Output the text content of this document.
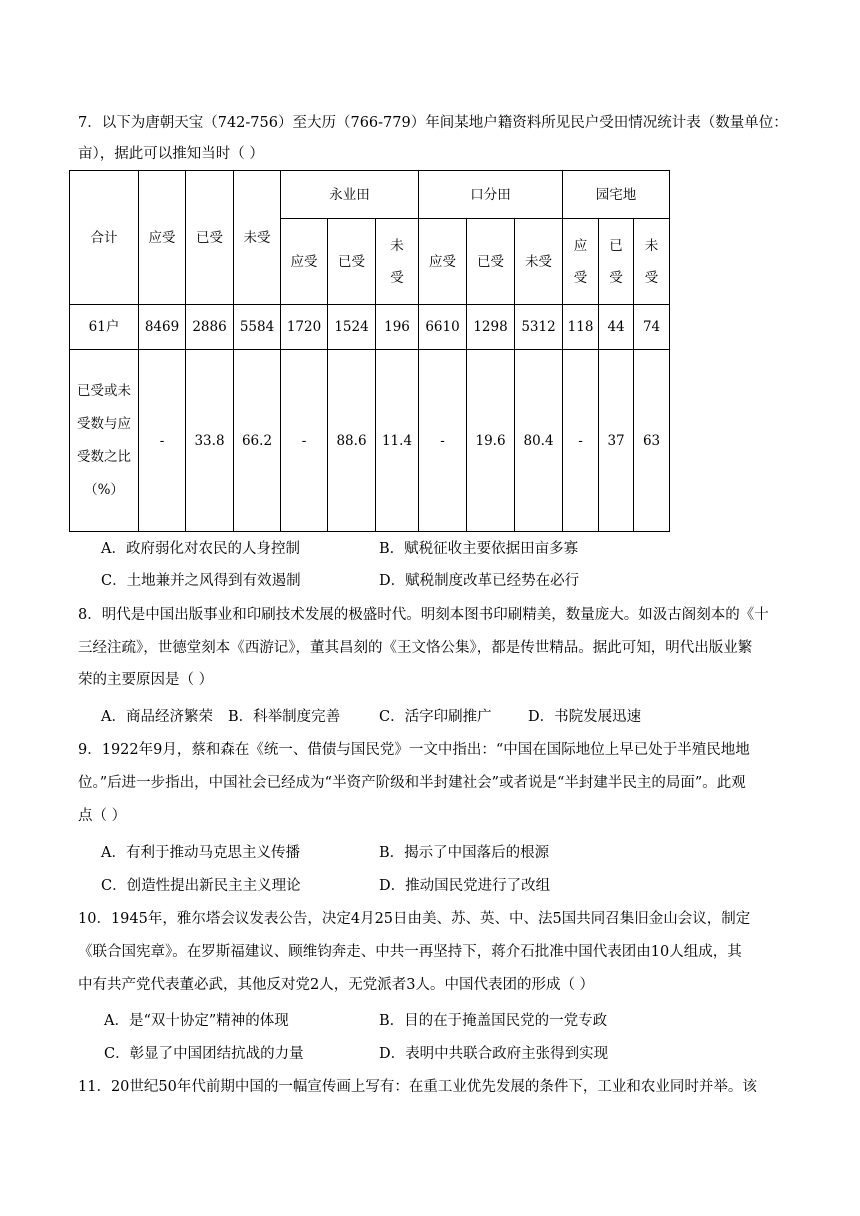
7．以下为唐朝天宝（742-756）至大历（766-779）年间某地户籍资料所见民户受田情况统计表（数量单位：
亩），据此可以推知当时（ ）
合计	应受	已受	未受	永业田			口分田			园宅地		
				应受	已受	未受	应受	已受	未受	应受	已受	未受
61户	8469	2886	5584	1720	1524	196	6610	1298	5312	118	44	74
已受或未受数与应受数之比（%）	-	33.8	66.2	-	88.6	11.4	-	19.6	80.4	-	37	63
A．政府弱化对农民的人身控制	B．赋税征收主要依据田亩多寡
C．土地兼并之风得到有效遏制	D．赋税制度改革已经势在必行
8．明代是中国出版事业和印刷技术发展的极盛时代。明刻本图书印刷精美，数量庞大。如汲古阁刻本的《十
三经注疏》，世德堂刻本《西游记》，董其昌刻的《王文恪公集》，都是传世精品。据此可知，明代出版业繁
荣的主要原因是（ ）
A．商品经济繁荣 B．科举制度完善	C．活字印刷推广	D．书院发展迅速
9．1922年9月，蔡和森在《统一、借债与国民党》一文中指出：“中国在国际地位上早已处于半殖民地地
位。”后进一步指出，中国社会已经成为“半资产阶级和半封建社会”或者说是“半封建半民主的局面”。此观
点（ ）
A．有利于推动马克思主义传播	B．揭示了中国落后的根源
C．创造性提出新民主主义理论	D．推动国民党进行了改组
10．1945年，雅尔塔会议发表公告，决定4月25日由美、苏、英、中、法5国共同召集旧金山会议，制定
《联合国宪章》。在罗斯福建议、顾维钧奔走、中共一再坚持下，蒋介石批准中国代表团由10人组成，其
中有共产党代表董必武，其他反对党2人，无党派者3人。中国代表团的形成（ ）
A．是“双十协定”精神的体现	B．目的在于掩盖国民党的一党专政
C．彰显了中国团结抗战的力量	D．表明中共联合政府主张得到实现
11．20世纪50年代前期中国的一幅宣传画上写有：在重工业优先发展的条件下，工业和农业同时并举。该
